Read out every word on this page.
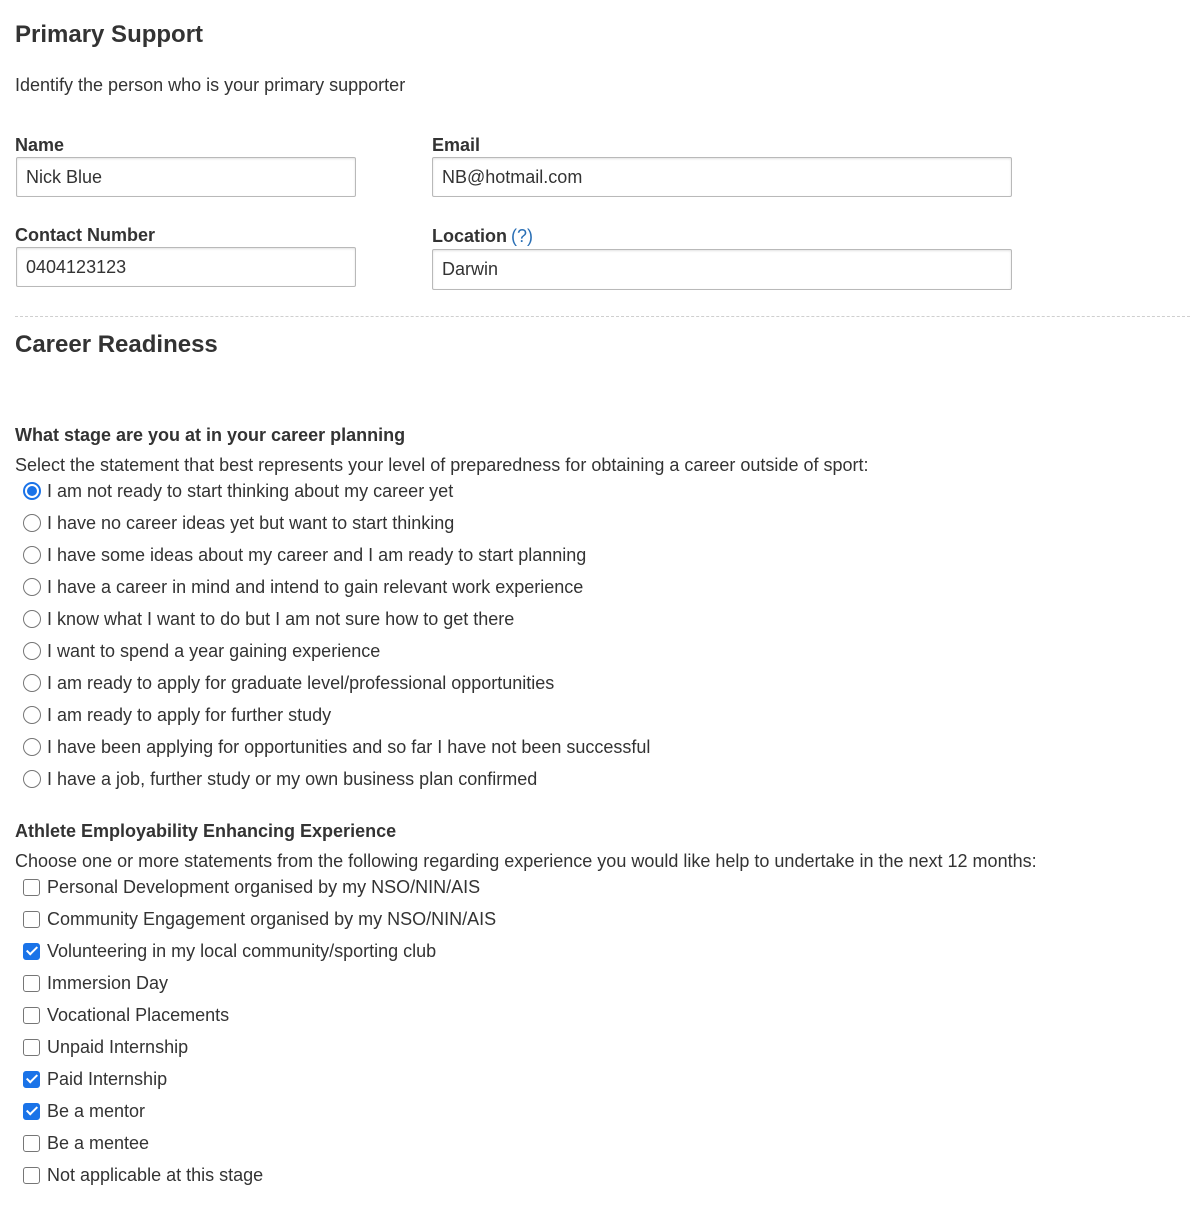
Primary Support
Identify the person who is your primary supporter
Name
Nick Blue	Email
NB@hotmail.com
Contact Number
0404123123	Location (?)
Darwin
Career Readiness
What stage are you at in your career planning
Select the statement that best represents your level of preparedness for obtaining a career outside of sport:
I am not ready to start thinking about my career yet
I have no career ideas yet but want to start thinking
I have some ideas about my career and I am ready to start planning
I have a career in mind and intend to gain relevant work experience
I know what I want to do but I am not sure how to get there
I want to spend a year gaining experience
I am ready to apply for graduate level/professional opportunities
I am ready to apply for further study
I have been applying for opportunities and so far I have not been successful
I have a job, further study or my own business plan confirmed
Athlete Employability Enhancing Experience
Choose one or more statements from the following regarding experience you would like help to undertake in the next 12 months:
Personal Development organised by my NSO/NIN/AIS
Community Engagement organised by my NSO/NIN/AIS
Volunteering in my local community/sporting club
Immersion Day
Vocational Placements
Unpaid Internship
Paid Internship
Be a mentor
Be a mentee
Not applicable at this stage
